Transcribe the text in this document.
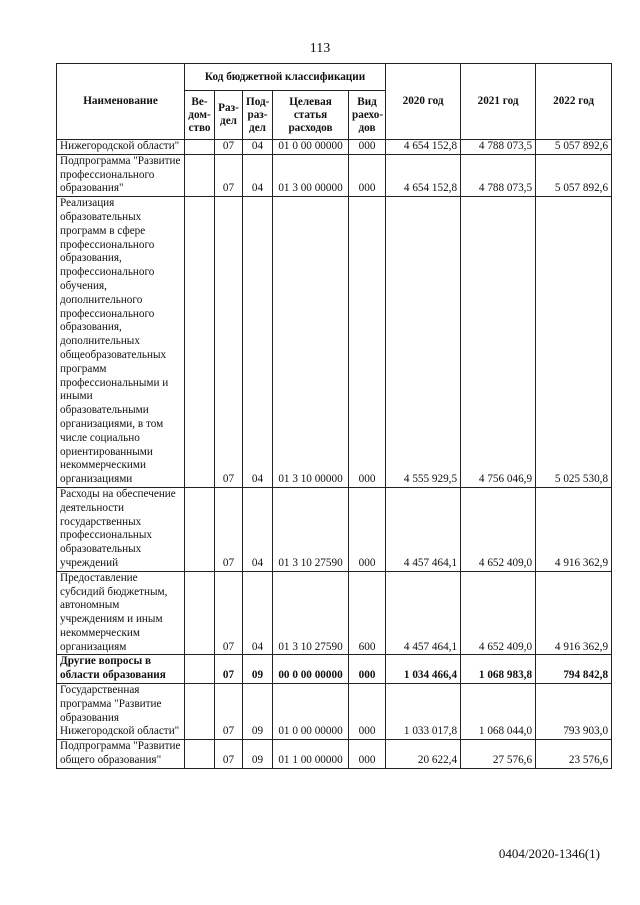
113
Наименование	Код бюджетной классификации					2020 год	2021 год	2022 год
	Ве-дом-ство	Раз-дел	Под-раз-дел	Целевая статья расходов	Вид раехо-дов			
Нижегородской области"		07	04	01 0 00 00000	000	4 654 152,8	4 788 073,5	5 057 892,6
Подпрограмма "Развитие профессионального образования"		07	04	01 3 00 00000	000	4 654 152,8	4 788 073,5	5 057 892,6
Реализация образовательных программ в сфере профессионального образования, профессионального обучения, дополнительного профессионального образования, дополнительных общеобразовательных программ профессиональными и иными образовательными организациями, в том числе социально ориентированными некоммерческими организациями		07	04	01 3 10 00000	000	4 555 929,5	4 756 046,9	5 025 530,8
Расходы на обеспечение деятельности государственных профессиональных образовательных учреждений		07	04	01 3 10 27590	000	4 457 464,1	4 652 409,0	4 916 362,9
Предоставление субсидий бюджетным, автономным учреждениям и иным некоммерческим организациям		07	04	01 3 10 27590	600	4 457 464,1	4 652 409,0	4 916 362,9
Другие вопросы в области образования		07	09	00 0 00 00000	000	1 034 466,4	1 068 983,8	794 842,8
Государственная программа "Развитие образования Нижегородской области"		07	09	01 0 00 00000	000	1 033 017,8	1 068 044,0	793 903,0
Подпрограмма "Развитие общего образования"		07	09	01 1 00 00000	000	20 622,4	27 576,6	23 576,6
0404/2020-1346(1)
